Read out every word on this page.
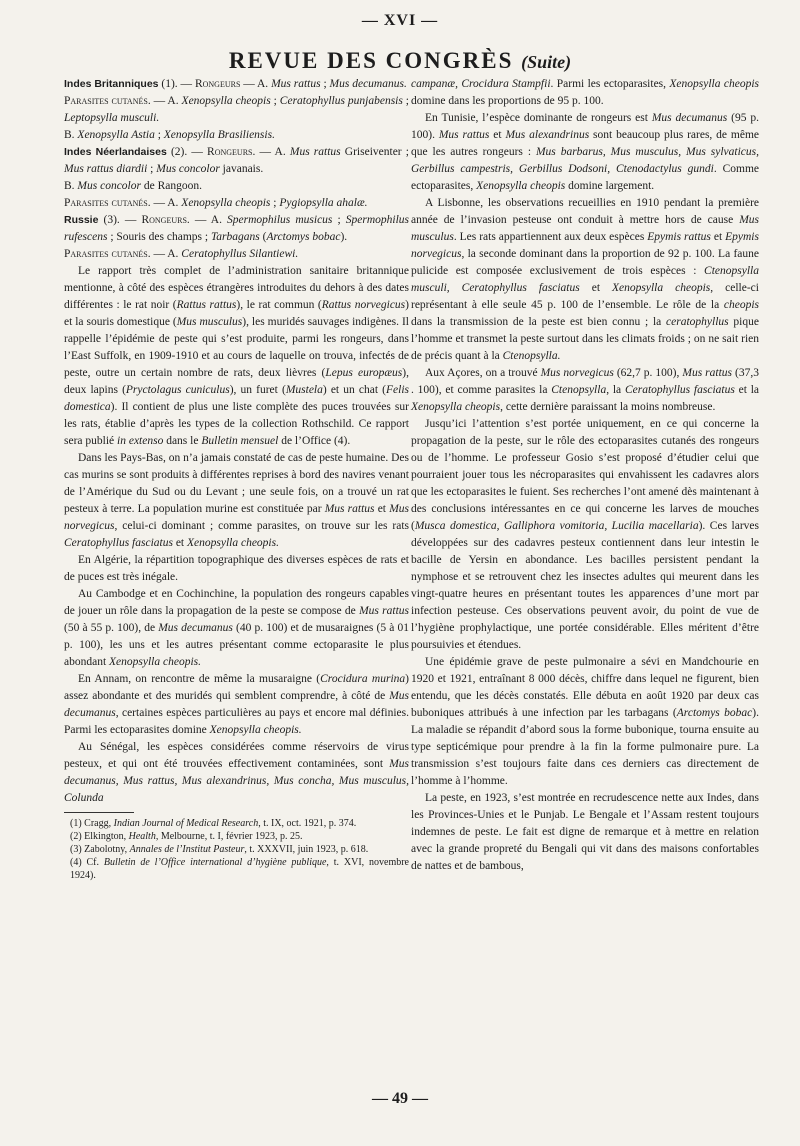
— XVI —
REVUE DES CONGRÈS (Suite)

Indes Britanniques (1). — Rongeurs — A. Mus rattus ; Mus decumanus.

Parasites cutanés. — A. Xenopsylla cheopis ; Ceratophyllus punjabensis ; Leptopsylla musculi.

B. Xenopsylla Astia ; Xenopsylla Brasiliensis.

Indes Néerlandaises (2). — Rongeurs. — A. Mus rattus Griseiventer ; Mus rattus diardii ; Mus concolor javanais.

B. Mus concolor de Rangoon.

Parasites cutanés. — A. Xenopsylla cheopis ; Pygiopsylla ahalæ.

Russie (3). — Rongeurs. — A. Spermophilus musicus ; Spermophilus rufescens ; Souris des champs ; Tarbagans (Arctomys bobac).

Parasites cutanés. — A. Ceratophyllus Silantiewi.

Le rapport très complet de l’administration sanitaire britannique mentionne, à côté des espèces étrangères introduites du dehors à des dates différentes : le rat noir (Rattus rattus), le rat commun (Rattus norvegicus) et la souris domestique (Mus musculus), les muridés sauvages indigènes. Il rappelle l’épidémie de peste qui s’est produite, parmi les rongeurs, dans l’East Suffolk, en 1909-1910 et au cours de laquelle on trouva, infectés de peste, outre un certain nombre de rats, deux lièvres (Lepus europæus), deux lapins (Pryctolagus cuniculus), un furet (Mustela) et un chat (Felis domestica). Il contient de plus une liste complète des puces trouvées sur les rats, établie d’après les types de la collection Rothschild. Ce rapport sera publié in extenso dans le Bulletin mensuel de l’Office (4).

Dans les Pays-Bas, on n’a jamais constaté de cas de peste humaine. Des cas murins se sont produits à différentes reprises à bord des navires venant de l’Amérique du Sud ou du Levant ; une seule fois, on a trouvé un rat pesteux à terre. La population murine est constituée par Mus rattus et Mus norvegicus, celui-ci dominant ; comme parasites, on trouve sur les rats Ceratophyllus fasciatus et Xenopsylla cheopis.

En Algérie, la répartition topographique des diverses espèces de rats et de puces est très inégale.

Au Cambodge et en Cochinchine, la population des rongeurs capables de jouer un rôle dans la propagation de la peste se compose de Mus rattus (50 à 55 p. 100), de Mus decumanus (40 p. 100) et de musaraignes (5 à 01 p. 100), les uns et les autres présentant comme ectoparasite le plus abondant Xenopsylla cheopis.

En Annam, on rencontre de même la musaraigne (Crocidura murina) assez abondante et des muridés qui semblent comprendre, à côté de Mus decumanus, certaines espèces particulières au pays et encore mal définies. Parmi les ectoparasites domine Xenopsylla cheopis.

Au Sénégal, les espèces considérées comme réservoirs de virus pesteux, et qui ont été trouvées effectivement contaminées, sont Mus decumanus, Mus rattus, Mus alexandrinus, Mus concha, Mus musculus, Colunda

(1) Cragg, Indian Journal of Medical Research, t. IX, oct. 1921, p. 374.

(2) Elkington, Health, Melbourne, t. I, février 1923, p. 25.

(3) Zabolotny, Annales de l’Institut Pasteur, t. XXXVII, juin 1923, p. 618.

(4) Cf. Bulletin de l’Office international d’hygiène publique, t. XVI, novembre 1924).

campanæ, Crocidura Stampfii. Parmi les ectoparasites, Xenopsylla cheopis domine dans les proportions de 95 p. 100.

En Tunisie, l’espèce dominante de rongeurs est Mus decumanus (95 p. 100). Mus rattus et Mus alexandrinus sont beaucoup plus rares, de même que les autres rongeurs : Mus barbarus, Mus musculus, Mus sylvaticus, Gerbillus campestris, Gerbillus Dodsoni, Ctenodactylus gundi. Comme ectoparasites, Xenopsylla cheopis domine largement.

A Lisbonne, les observations recueillies en 1910 pendant la première année de l’invasion pesteuse ont conduit à mettre hors de cause Mus musculus. Les rats appartiennent aux deux espèces Epymis rattus et Epymis norvegicus, la seconde dominant dans la proportion de 92 p. 100. La faune pulicide est composée exclusivement de trois espèces : Ctenopsylla musculi, Ceratophyllus fasciatus et Xenopsylla cheopis, celle-ci représentant à elle seule 45 p. 100 de l’ensemble. Le rôle de la cheopis dans la transmission de la peste est bien connu ; la ceratophyllus pique l’homme et transmet la peste surtout dans les climats froids ; on ne sait rien de précis quant à la Ctenopsylla.

Aux Açores, on a trouvé Mus norvegicus (62,7 p. 100), Mus rattus (37,3 . 100), et comme parasites la Ctenopsylla, la Ceratophyllus fasciatus et la Xenopsylla cheopis, cette dernière paraissant la moins nombreuse.

Jusqu’ici l’attention s’est portée uniquement, en ce qui concerne la propagation de la peste, sur le rôle des ectoparasites cutanés des rongeurs ou de l’homme. Le professeur Gosio s’est proposé d’étudier celui que pourraient jouer tous les nécroparasites qui envahissent les cadavres alors que les ectoparasites le fuient. Ses recherches l’ont amené dès maintenant à des conclusions intéressantes en ce qui concerne les larves de mouches (Musca domestica, Galliphora vomitoria, Lucilia macellaria). Ces larves développées sur des cadavres pesteux contiennent dans leur intestin le bacille de Yersin en abondance. Les bacilles persistent pendant la nymphose et se retrouvent chez les insectes adultes qui meurent dans les vingt-quatre heures en présentant toutes les apparences d’une mort par infection pesteuse. Ces observations peuvent avoir, du point de vue de l’hygiène prophylactique, une portée considérable. Elles méritent d’être poursuivies et étendues.

Une épidémie grave de peste pulmonaire a sévi en Mandchourie en 1920 et 1921, entraînant 8 000 décès, chiffre dans lequel ne figurent, bien entendu, que les décès constatés. Elle débuta en août 1920 par deux cas buboniques attribués à une infection par les tarbagans (Arctomys bobac). La maladie se répandit d’abord sous la forme bubonique, tourna ensuite au type septicémique pour prendre à la fin la forme pulmonaire pure. La transmission s’est toujours faite dans ces derniers cas directement de l’homme à l’homme.

La peste, en 1923, s’est montrée en recrudescence nette aux Indes, dans les Provinces-Unies et le Punjab. Le Bengale et l’Assam restent toujours indemnes de peste. Le fait est digne de remarque et à mettre en relation avec la grande propreté du Bengali qui vit dans des maisons confortables de nattes et de bambous,

— 49 —
